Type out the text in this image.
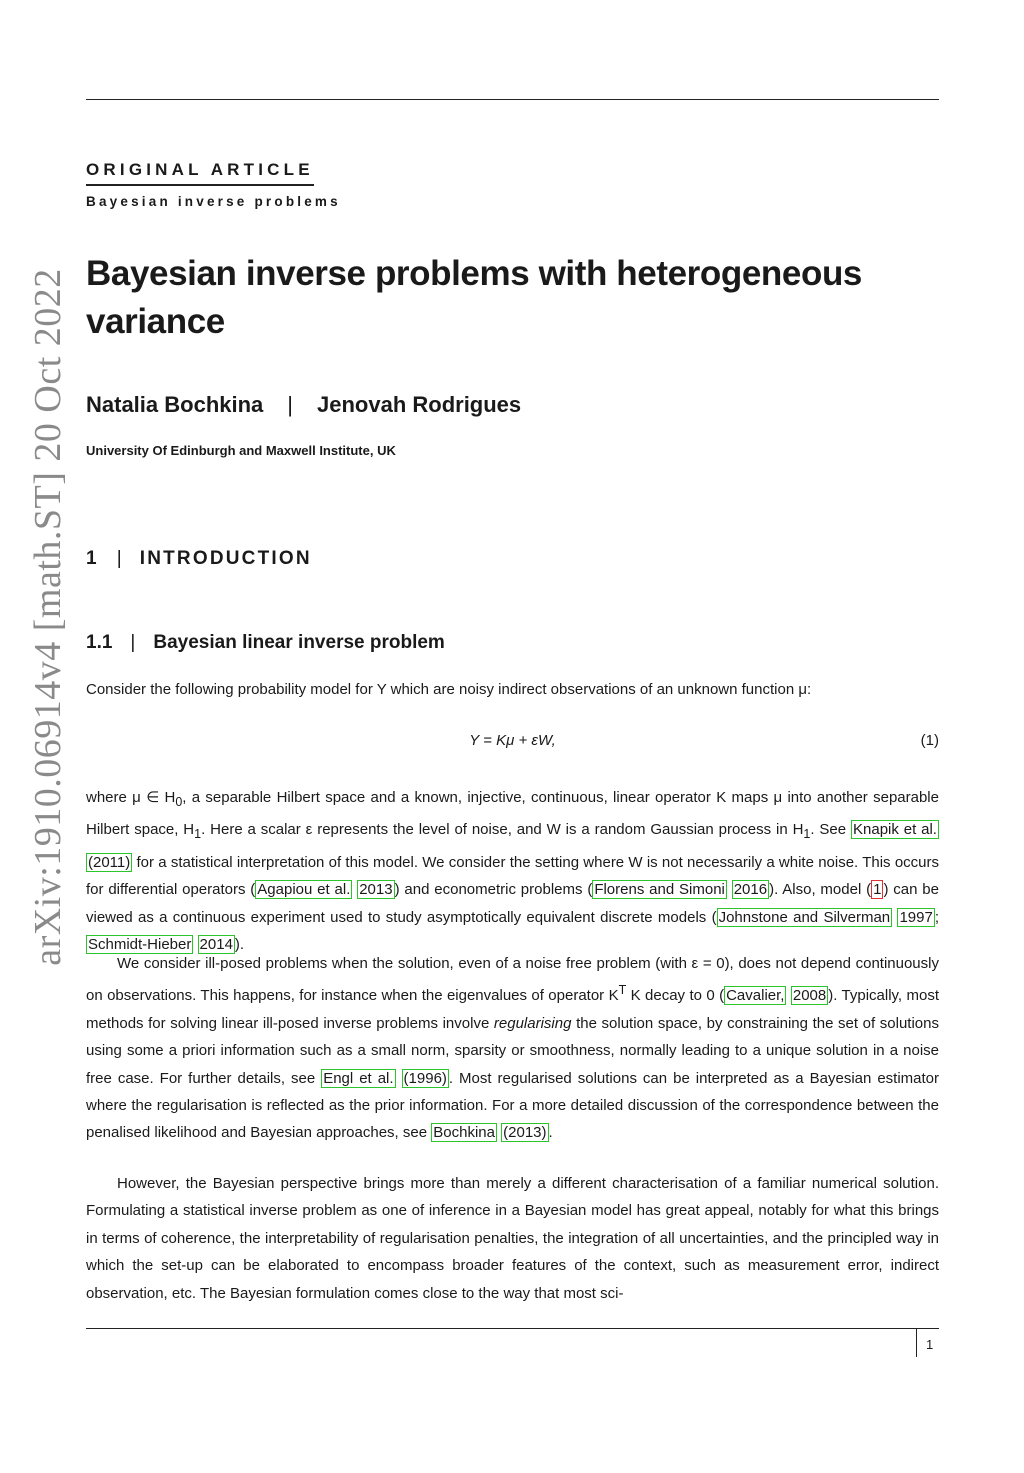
arXiv:1910.06914v4 [math.ST] 20 Oct 2022
ORIGINAL ARTICLE
Bayesian inverse problems
Bayesian inverse problems with heterogeneous variance
Natalia Bochkina | Jenovah Rodrigues
University Of Edinburgh and Maxwell Institute, UK
1 | INTRODUCTION
1.1 | Bayesian linear inverse problem
Consider the following probability model for Y which are noisy indirect observations of an unknown function μ:
Y = Kμ + εW,	(1)
where μ ∈ $H_0$, a separable Hilbert space and a known, injective, continuous, linear operator K maps μ into another separable Hilbert space, $H_1$. Here a scalar ε represents the level of noise, and W is a random Gaussian process in $H_1$. See Knapik et al. (2011) for a statistical interpretation of this model. We consider the setting where W is not necessarily a white noise. This occurs for differential operators ( Agapiou et al. 2013 ) and econometric problems ( Florens and Simoni 2016 ). Also, model ( 1 ) can be viewed as a continuous experiment used to study asymptotically equivalent discrete models ( Johnstone and Silverman 1997 ; Schmidt-Hieber 2014 ).
We consider ill-posed problems when the solution, even of a noise free problem (with ε = 0), does not depend continuously on observations. This happens, for instance when the eigenvalues of operator $K^T$ K decay to 0 ( Cavalier, 2008 ). Typically, most methods for solving linear ill-posed inverse problems involve regularising the solution space, by constraining the set of solutions using some a priori information such as a small norm, sparsity or smoothness, normally leading to a unique solution in a noise free case. For further details, see Engl et al. (1996) . Most regularised solutions can be interpreted as a Bayesian estimator where the regularisation is reflected as the prior information. For a more detailed discussion of the correspondence between the penalised likelihood and Bayesian approaches, see Bochkina (2013) .
However, the Bayesian perspective brings more than merely a different characterisation of a familiar numerical solution. Formulating a statistical inverse problem as one of inference in a Bayesian model has great appeal, notably for what this brings in terms of coherence, the interpretability of regularisation penalties, the integration of all uncertainties, and the principled way in which the set-up can be elaborated to encompass broader features of the context, such as measurement error, indirect observation, etc. The Bayesian formulation comes close to the way that most sci-
1
